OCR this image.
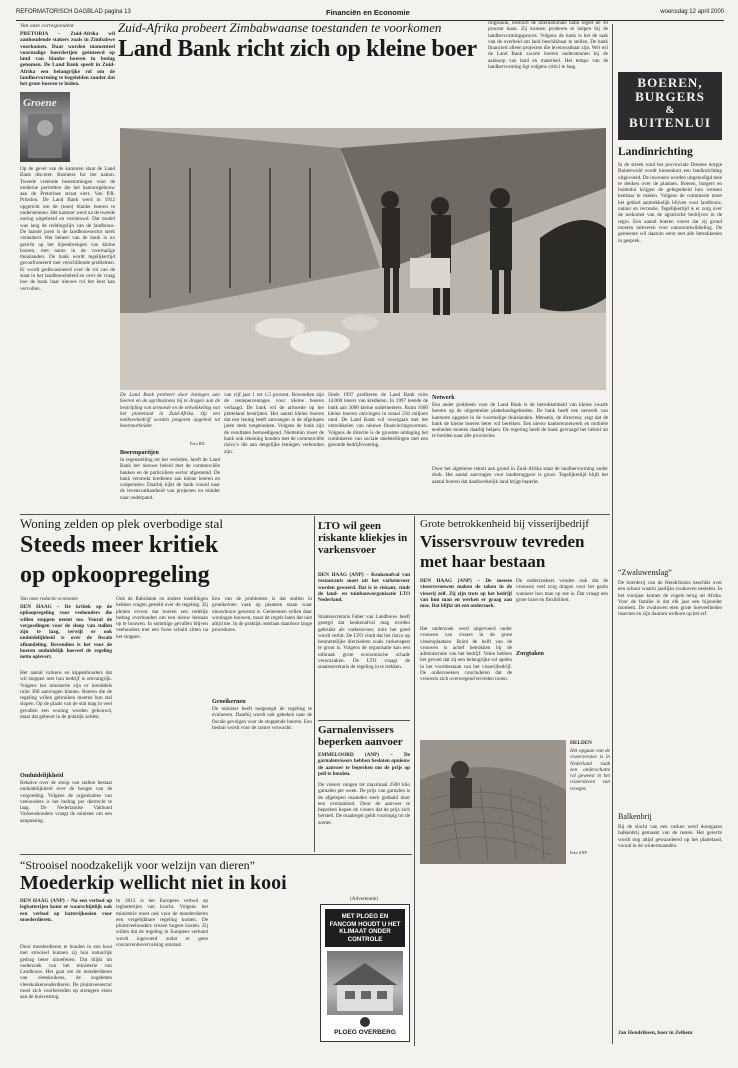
REFORMATORISCH DAGBLAD pagina 13	Financiën en Economie	woensdag 12 april 2000
Van onze correspondent
PRETORIA – Zuid-Afrika wil aanhoudende stakers zoals in Zimbabwe voorkomen. Daar worden momenteel voormalige boerderijen geënteerd op land van blanke boeren in beslag genomen. De Land Bank speelt in Zuid-Afrika een belangrijke rol om de landhervorming te begeleiden zonder dat het grote boeren te leiden.
Zuid-Afrika probeert Zimbabwaanse toestanden te voorkomen
Land Bank richt zich op kleine boer
Groene
Op de gevel van de kantoren staat de Land Bank discreet: Business for the nation. Tweede vreemde bestemmingen voor de moderne portretten die het kantoorgebouw aan de Pretoriase straat siert. Van P.R. Prinsloo. De Land Bank werd in 1912 opgericht om de (toen) blanke boeren te ondersteunen. Het kantoor werd na de tweede oorlog uitgebreid en vernieuwd. Dat model was lang de reddingslijn van de landbouw. De laatste jaren is de landbouwsector sterk veranderd. Het beheer van de bank is nu gericht op het bijeenbrengen van kleine boeren, met name in de voormalige thuislanden. De bank wordt tegelijkertijd geconfronteerd met verschillende problemen. Er wordt gediscussieerd over de rol van de staat in het landbouwbeleid en over de vraag hoe de bank haar nieuwe rol het best kan vervullen.
De Land Bank probeert door leningen aan boeren en de agribusiness bij te dragen aan de bestrijding van armoede en de ontwikkeling van het platteland in Zuid-Afrika. Op een melkveebedrijf worden jongeren opgeleid tot boerenarbeider.
Foto RD
Boerenpartijen
In tegenstelling tot het verleden, heeft de Land Bank het nieuwe beleid met de commerciële banken en de particuliere sector afgestemd. De bank verstrekt kredieten aan kleine boeren en coöperaties. Daarbij kijkt de bank vooral naar de levensvatbaarheid van projecten en minder naar onderpand.
van vijf jaar 1 tot 1,5 procent. Bovendien zijn de rentepercentages voor kleine boeren verlaagd. De bank wil de armoede op het platteland bestrijden. Het aantal kleine boeren dat een lening heeft ontvangen is de afgelopen jaren sterk toegenomen. Volgens de bank zijn de resultaten bemoedigend. Niettemin moet de bank ook rekening houden met de commerciële risico’s die aan dergelijke leningen verbonden zijn.
Sinds 1997 profiteren de Land Bank ruim 14.000 leners van kredieten. In 1997 leende de bank aan 3000 kleine ondernemers. Ruim 1600 kleine boeren ontvingen in totaal 250 miljoen rand. De Land Bank wil voortgaan met het ontwikkelen van nieuwe financieringsvormen. Volgens de directie is de grootste uitdaging het combineren van sociale doelstellingen met een gezonde bedrijfsvoering.
ringsbank, bestuurt de internationale bank regelt de 30 procent baan. Zij kunnen proberen te helpen bij de landhervormingsproces. Volgens de bank is het de taak van de overheid om land beschikbaar te stellen. De bank financiert alleen projecten die levensvatbaar zijn. Wel wil de Land Bank zwarte boeren ondersteunen bij de aankoop van land en materieel. Het tempo van de landhervorming ligt volgens critici te laag.
Netwerk
Een ander probleem voor de Land Bank is de betrokkenheid van kleine zwarte boeren op de uitgestrekte plattelandsgebieden. De bank heeft een netwerk van kantoren opgezet in de voormalige thuislanden. Mensela, de directeur, zegt dat de bank de kleine boeren beter wil bereiken. Een nieuw kantorennetwerk en mobiele eenheden moeten daarbij helpen. De regering heeft de bank gevraagd het beleid uit te breiden naar alle provincies.
Door het algemene tekort aan grond in Zuid-Afrika staat de landhervorming onder druk. Het aantal aanvragen voor landteruggave is groot. Tegelijkertijd blijft het aantal boeren dat daadwerkelijk land krijgt beperkt.
BOEREN,
BURGERS
&
BUITENLUI
Landinrichting
In de streek rond het provinciale Drentse dorpje Ruinerwold wordt binnenkort een landinrichting uitgevoerd. De inwoners worden uitgenodigd mee te denken over de plannen. Boeren, burgers en buitenlui krijgen de gelegenheid hun wensen kenbaar te maken. Volgens de commissie moet het gebied aantrekkelijk blijven voor landbouw, natuur en recreatie. Tegelijkertijd is er zorg over de toekomst van de agrarische bedrijven in de regio. Een aantal boeren vreest dat zij grond moeten inleveren voor natuurontwikkeling. De gemeente wil daarom eerst met alle betrokkenen in gesprek.
“Zwaluwenslag”
De boerderij van de Hendrikszes beschikt over een schuur waarin jaarlijks zwaluwen nestelen. In het voorjaar komen de vogels terug uit Afrika. Voor de familie is dat elk jaar een bijzonder moment. De zwaluwen eten grote hoeveelheden insecten en zijn daarom welkom op het erf.
Balkenbrij
Bij de slacht van een varken werd doorgaans balkenbrij gemaakt van de resten. Het gerecht wordt nog altijd gewaardeerd op het platteland, vooral in de wintermaanden.
Jan Hendriksen, boer in Zelhem
Woning zelden op plek overbodige stal
Steeds meer kritiek
op opkoopregeling
Van onze redactie economie
DEN HAAG – De kritiek op de opkoopregeling voor veehouders die willen stoppen neemt toe. Vooral de vergoedingen voor de sloop van stallen zijn te laag, terwijl er ook onduidelijkheid is over de fiscale afhandeling. Bovendien is het voor de boeren onduidelijk hoeveel de regeling netto oplevert.
Het aantal varkens en kippenhouders dat wil stoppen met hun bedrijf is omvangrijk. Volgens het ministerie zijn er inmiddels ruim 300 aanvragen binnen. Boeren die de regeling willen gebruiken moeten hun stal slopen. Op de plaats van de stal mag in veel gevallen een woning worden gebouwd, maar dat gebeurt in de praktijk zelden.
Onduidelijkheid
Behalve over de sloop van stallen bestaat onduidelijkheid over de hoogte van de vergoeding. Volgens de organisaties van veehouders is het bedrag per dierrecht te laag. De Nederlandse Vakbond Varkenshouders vraagt de minister om een aanpassing.
Ook de Rabobank en andere instellingen hebben vragen gesteld over de regeling. Zij pleiten ervoor dat boeren een redelijk bedrag overhouden om een nieuw bestaan op te bouwen. In sommige gevallen blijven veehouders met een forse schuld zitten na het stoppen.
Groeikernen
Een van de problemen is dat stallen in groeikernen vaak op plaatsen staan waar nieuwbouw gewenst is. Gemeenten willen daar woningen bouwen, maar de regels laten dat niet altijd toe. In de praktijk ontstaan daardoor lange procedures.
De minister heeft toegezegd de regeling te evalueren. Daarbij wordt ook gekeken naar de fiscale gevolgen voor de stoppende boeren. Een besluit wordt voor de zomer verwacht.
LTO wil geen riskante kliekjes in varkensvoer
DEN HAAG (ANP) – Keukenafval van restaurants moet uit het varkensvoer worden geweerd. Dat is te riskant, vindt de land- en tuinbouworganisatie LTO Nederland.
Staatssecretaris Faber van Landbouw heeft gezegd dat keukenafval mag worden gebruikt als varkensvoer, mits het goed wordt verhit. De LTO vindt dat het risico op besmettelijke dierziekten zoals varkenspest te groot is. Volgens de organisatie kan een uitbraak grote economische schade veroorzaken. De LTO vraagt de staatssecretaris de regeling in te trekken.
Garnalenvissers beperken aanvoer
EMMELOORD (ANP) – De garnalenvissers hebben besloten opnieuw de aanvoer te beperken om de prijs op peil te houden.
De vissers vangen tot maximaal 2500 kilo garnalen per week. De prijs van garnalen is de afgelopen maanden sterk gedaald door een overaanbod. Door de aanvoer te beperken hopen de vissers dat de prijs zich herstelt. De maatregel geldt voorlopig tot de zomer.
Grote betrokkenheid bij visserijbedrijf
Vissersvrouw tevreden
met haar bestaan
DEN HAAG (ANP) – De meeste vissersvrouwen maken de taken in de visserij zelf. Zij zijn trots op het bedrijf van hun man en werken er graag aan mee. Dat blijkt uit een onderzoek.
Het onderzoek werd uitgevoerd onder vrouwen van vissers in de grote vissersplaatsen. Ruim de helft van de vrouwen is actief betrokken bij de administratie van het bedrijf. Velen hebben het gevoel dat zij een belangrijke rol spelen in het voortbestaan van het visserijbedrijf. De onderzoekers concluderen dat de vrouwen zich overwegend tevreden tonen.
Zorgtaken
De onderzoekers vonden ook dat de vrouwen veel zorg dragen voor het gezin wanneer hun man op zee is. Dat vraagt een grote inzet en flexibiliteit.
HELDEN
Het opgaan van de vissersvrouw is in Nederland vaak een onderschatte rol geweest in het vissersleven van vroeger.
Foto ANP
“Strooisel noodzakelijk voor welzijn van dieren”
Moederkip wellicht niet in kooi
DEN HAAG (ANP) – Na een verbod op legbatterijen komt er waarschijnlijk ook een verbod op batterijkooien voor moederdieren.
Door moederdieren te houden in een kooi met strooisel kunnen zij hun natuurlijk gedrag beter uitoefenen. Dat blijkt uit onderzoek van het ministerie van Landbouw. Het gaat om de moederdieren van vleeskuikens, de zogeheten vleeskuikenouderdieren. De pluimveesector moet zich voorbereiden op strengere eisen aan de huisvesting.
In 2012 is het Europees verbod op legbatterijen van kracht. Volgens het ministerie moet ook voor de moederdieren een vergelijkbare regeling komen. De pluimveehouders vrezen hogere kosten. Zij willen dat de regeling in Europees verband wordt ingevoerd zodat er geen concurrentievervalsing ontstaat.
(Advertentie)
MET PLOEG EN FANCOM HOUDT U HET KLIMAAT ONDER CONTROLE
PLOEG OVERBERG
